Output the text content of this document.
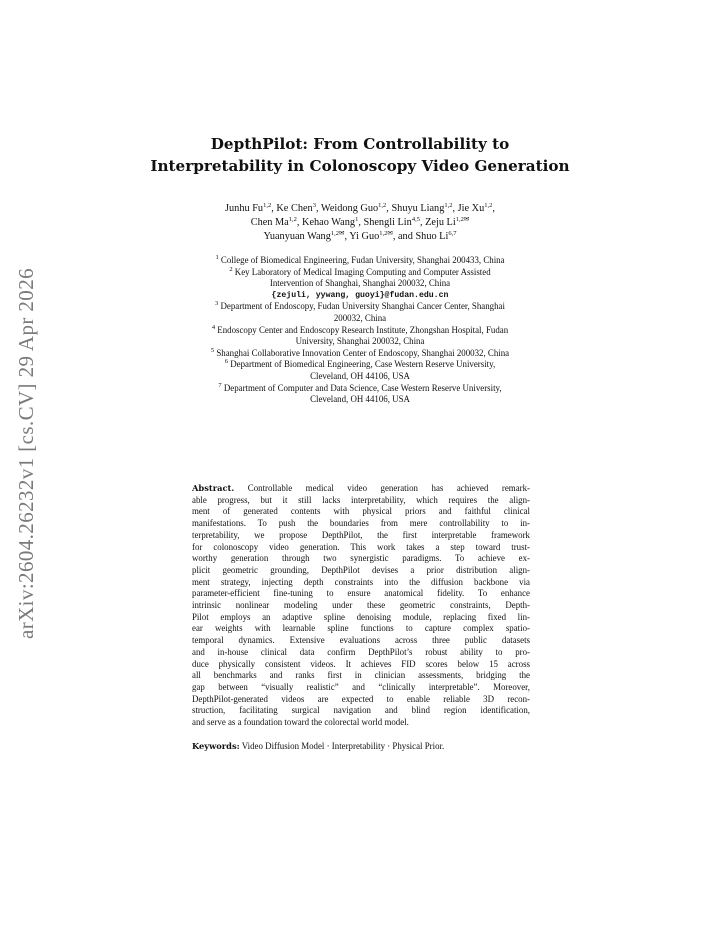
arXiv:2604.26232v1 [cs.CV] 29 Apr 2026
DepthPilot: From Controllability to
Interpretability in Colonoscopy Video Generation
Junhu Fu$^{1,2}$, Ke Chen$^3$, Weidong Guo$^{1,2}$, Shuyu Liang$^{1,2}$, Jie Xu$^{1,2}$,
Chen Ma$^{1,2}$, Kehao Wang$^1$, Shengli Lin$^{4,5}$, Zeju $Li^{1,2✉}$
Yuanyuan Wang$^{1,2✉}$, Yi Guo$^{1,2✉}$, and Shuo Li$^{6,7}$
$^1$ College of Biomedical Engineering, Fudan University, Shanghai 200433, China
$^2$ Key Laboratory of Medical Imaging Computing and Computer Assisted
Intervention of Shanghai, Shanghai 200032, China
{zejuli, yywang, guoyi}@fudan.edu.cn
$^3$ Department of Endoscopy, Fudan University Shanghai Cancer Center, Shanghai
200032, China
$^4$ Endoscopy Center and Endoscopy Research Institute, Zhongshan Hospital, Fudan
University, Shanghai 200032, China
$^5$ Shanghai Collaborative Innovation Center of Endoscopy, Shanghai 200032, China
$^6$ Department of Biomedical Engineering, Case Western Reserve University,
Cleveland, OH 44106, USA
$^7$ Department of Computer and Data Science, Case Western Reserve University,
Cleveland, OH 44106, USA
Abstract. Controllable medical video generation has achieved remark-
able progress, but it still lacks interpretability, which requires the align-
ment of generated contents with physical priors and faithful clinical
manifestations. To push the boundaries from mere controllability to in-
terpretability, we propose DepthPilot, the first interpretable framework
for colonoscopy video generation. This work takes a step toward trust-
worthy generation through two synergistic paradigms. To achieve ex-
plicit geometric grounding, DepthPilot devises a prior distribution align-
ment strategy, injecting depth constraints into the diffusion backbone via
parameter-efficient fine-tuning to ensure anatomical fidelity. To enhance
intrinsic nonlinear modeling under these geometric constraints, Depth-
Pilot employs an adaptive spline denoising module, replacing fixed lin-
ear weights with learnable spline functions to capture complex spatio-
temporal dynamics. Extensive evaluations across three public datasets
and in-house clinical data confirm DepthPilot’s robust ability to pro-
duce physically consistent videos. It achieves FID scores below 15 across
all benchmarks and ranks first in clinician assessments, bridging the
gap between “visually realistic” and “clinically interpretable”. Moreover,
DepthPilot-generated videos are expected to enable reliable 3D recon-
struction, facilitating surgical navigation and blind region identification,
and serve as a foundation toward the colorectal world model.
Keywords: Video Diffusion Model · Interpretability · Physical Prior.
